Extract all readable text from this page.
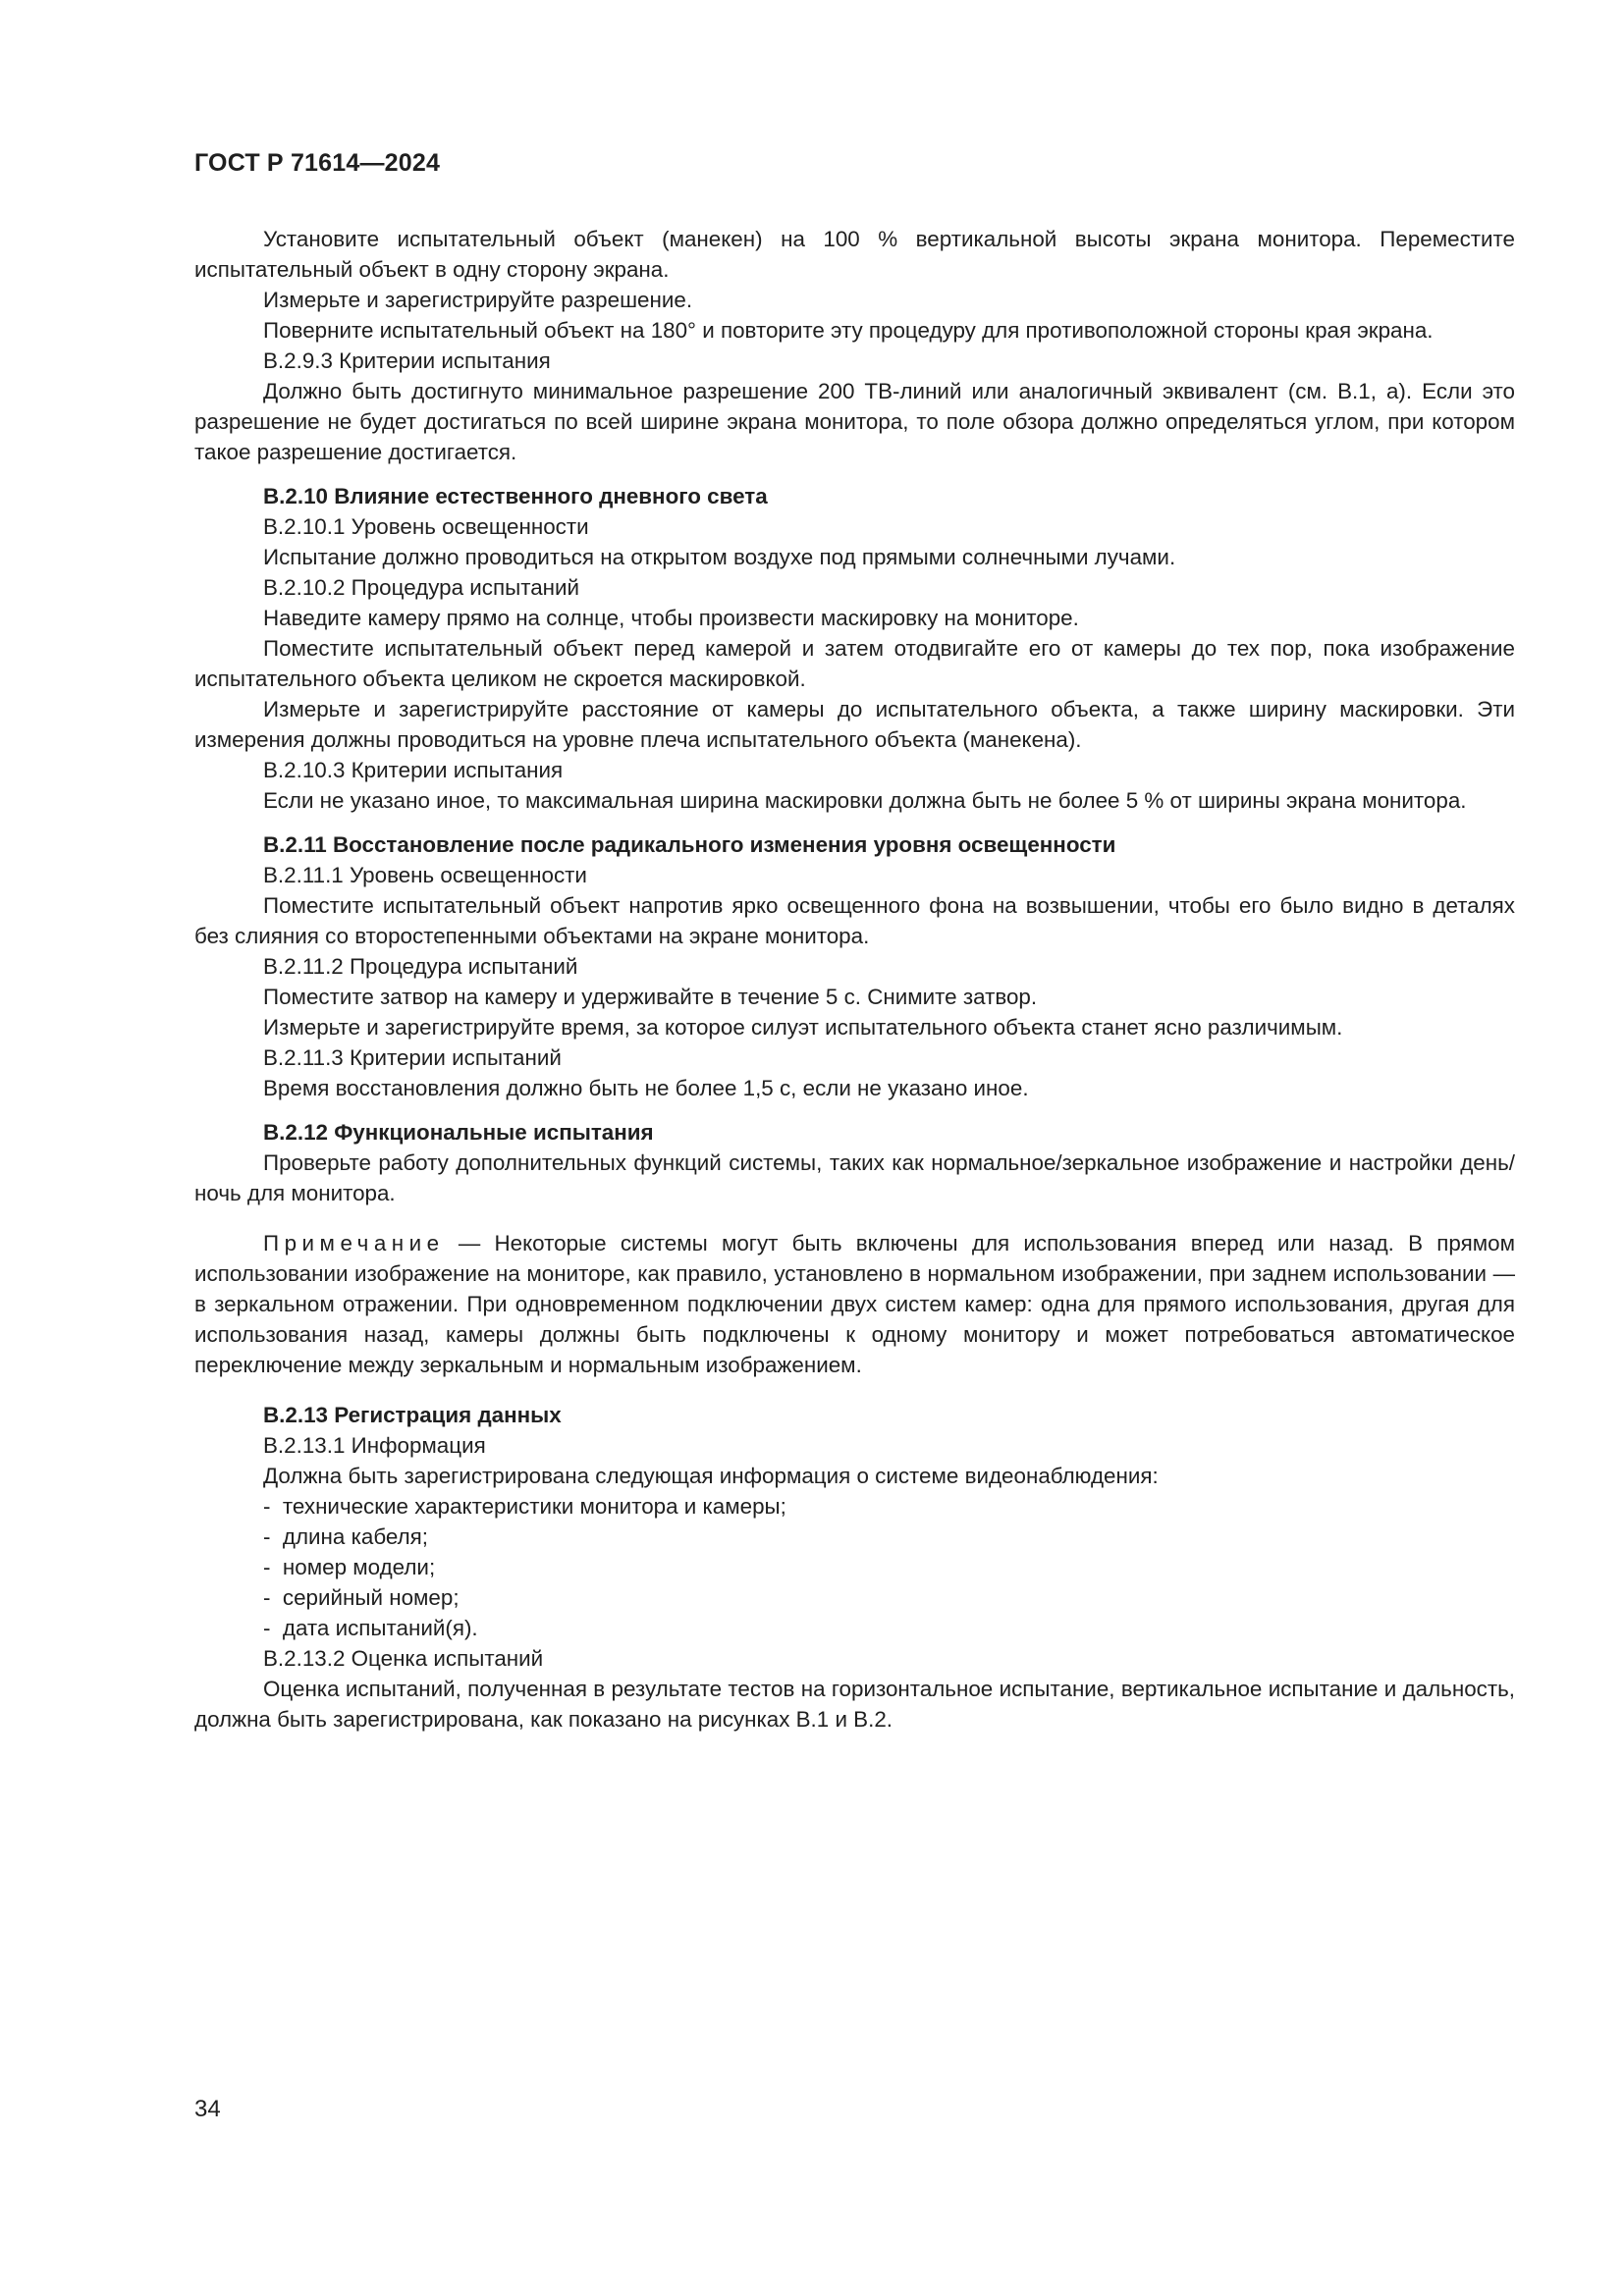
ГОСТ Р 71614—2024

Установите испытательный объект (манекен) на 100 % вертикальной высоты экрана монитора. Переместите испытательный объект в одну сторону экрана.

Измерьте и зарегистрируйте разрешение.

Поверните испытательный объект на 180° и повторите эту процедуру для противоположной стороны края экрана.

В.2.9.3 Критерии испытания

Должно быть достигнуто минимальное разрешение 200 ТВ-линий или аналогичный эквивалент (см. В.1, а). Если это разрешение не будет достигаться по всей ширине экрана монитора, то поле обзора должно определяться углом, при котором такое разрешение достигается.

В.2.10 Влияние естественного дневного света

В.2.10.1 Уровень освещенности

Испытание должно проводиться на открытом воздухе под прямыми солнечными лучами.

В.2.10.2 Процедура испытаний

Наведите камеру прямо на солнце, чтобы произвести маскировку на мониторе.

Поместите испытательный объект перед камерой и затем отодвигайте его от камеры до тех пор, пока изображение испытательного объекта целиком не скроется маскировкой.

Измерьте и зарегистрируйте расстояние от камеры до испытательного объекта, а также ширину маскировки. Эти измерения должны проводиться на уровне плеча испытательного объекта (манекена).

В.2.10.3 Критерии испытания

Если не указано иное, то максимальная ширина маскировки должна быть не более 5 % от ширины экрана монитора.

В.2.11 Восстановление после радикального изменения уровня освещенности

В.2.11.1 Уровень освещенности

Поместите испытательный объект напротив ярко освещенного фона на возвышении, чтобы его было видно в деталях без слияния со второстепенными объектами на экране монитора.

В.2.11.2 Процедура испытаний

Поместите затвор на камеру и удерживайте в течение 5 с. Снимите затвор.

Измерьте и зарегистрируйте время, за которое силуэт испытательного объекта станет ясно различимым.

В.2.11.3 Критерии испытаний

Время восстановления должно быть не более 1,5 с, если не указано иное.

В.2.12 Функциональные испытания

Проверьте работу дополнительных функций системы, таких как нормальное/зеркальное изображение и настройки день/ночь для монитора.

Примечание — Некоторые системы могут быть включены для использования вперед или назад. В прямом использовании изображение на мониторе, как правило, установлено в нормальном изображении, при заднем использовании — в зеркальном отражении. При одновременном подключении двух систем камер: одна для прямого использования, другая для использования назад, камеры должны быть подключены к одному монитору и может потребоваться автоматическое переключение между зеркальным и нормальным изображением.

В.2.13 Регистрация данных

В.2.13.1 Информация

Должна быть зарегистрирована следующая информация о системе видеонаблюдения:

- технические характеристики монитора и камеры;
- длина кабеля;
- номер модели;
- серийный номер;
- дата испытаний(я).

В.2.13.2 Оценка испытаний

Оценка испытаний, полученная в результате тестов на горизонтальное испытание, вертикальное испытание и дальность, должна быть зарегистрирована, как показано на рисунках В.1 и В.2.

34
